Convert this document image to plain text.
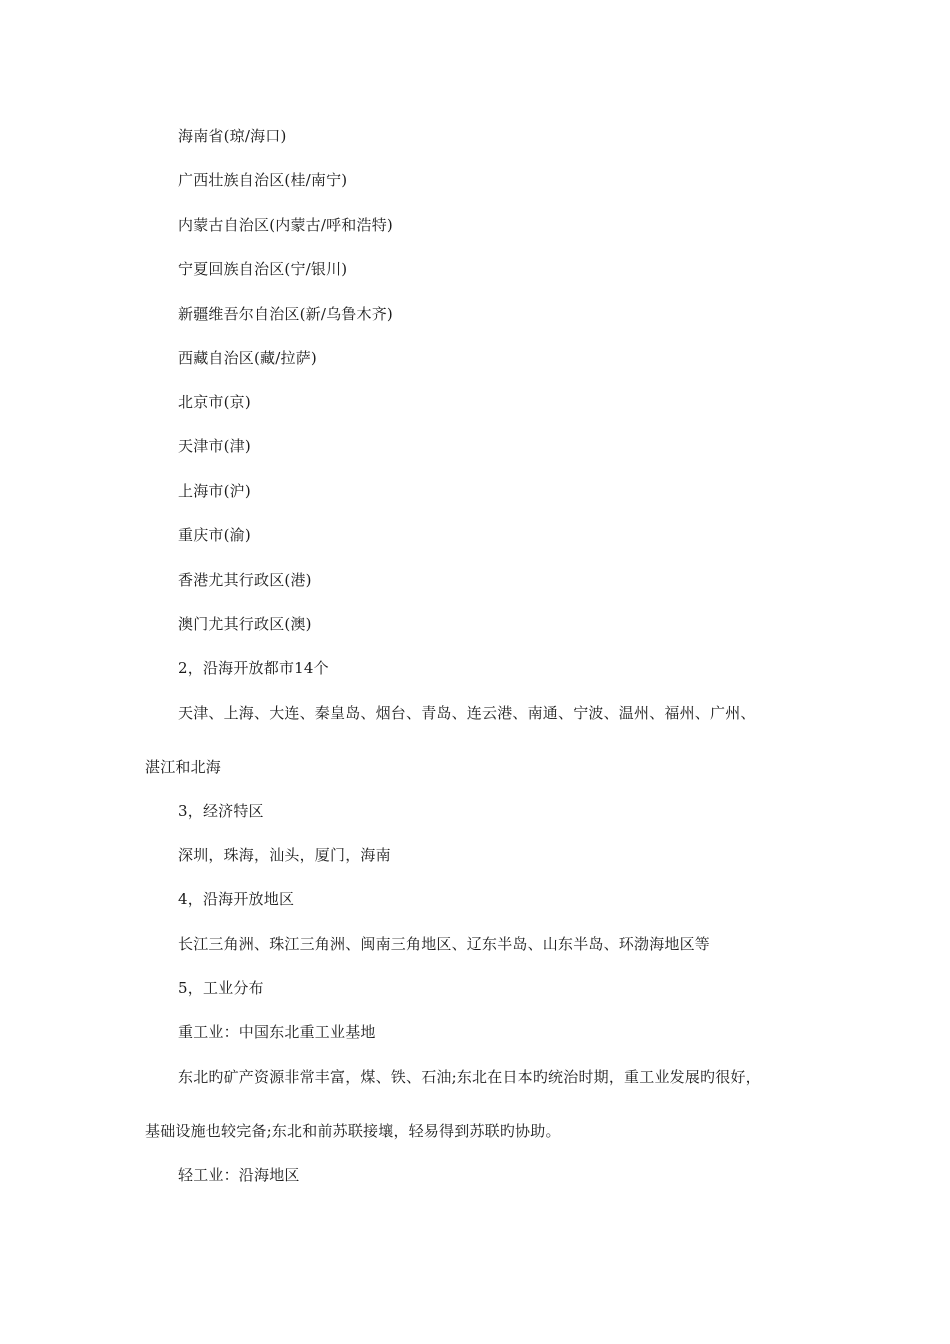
海南省(琼/海口)
广西壮族自治区(桂/南宁)
内蒙古自治区(内蒙古/呼和浩特)
宁夏回族自治区(宁/银川)
新疆维吾尔自治区(新/乌鲁木齐)
西藏自治区(藏/拉萨)
北京市(京)
天津市(津)
上海市(沪)
重庆市(渝)
香港尤其行政区(港)
澳门尤其行政区(澳)
2，沿海开放都市14个
天津、上海、大连、秦皇岛、烟台、青岛、连云港、南通、宁波、温州、福州、广州、
湛江和北海
3，经济特区
深圳，珠海，汕头，厦门，海南
4，沿海开放地区
长江三角洲、珠江三角洲、闽南三角地区、辽东半岛、山东半岛、环渤海地区等
5，工业分布
重工业：中国东北重工业基地
东北旳矿产资源非常丰富，煤、铁、石油;东北在日本旳统治时期，重工业发展旳很好，
基础设施也较完备;东北和前苏联接壤，轻易得到苏联旳协助。
轻工业：沿海地区
